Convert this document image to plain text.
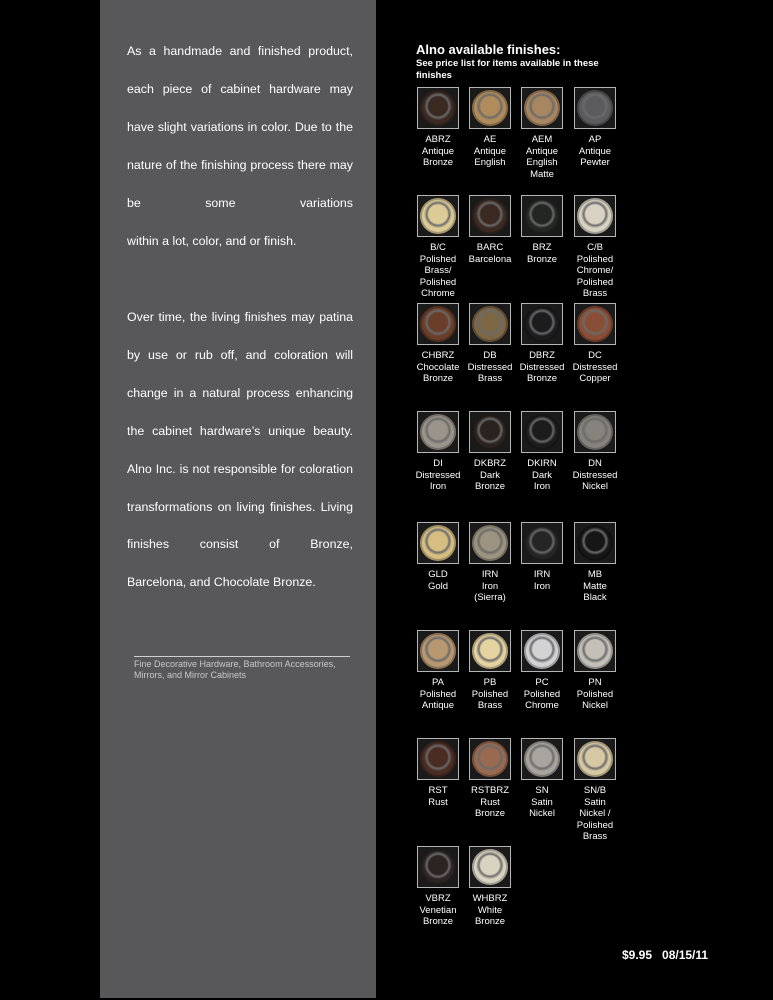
As a handmade and finished product, each piece of cabinet hardware may have slight variations in color. Due to the nature of the finishing process there may be some variations
within a lot, color, and or finish.

Over time, the living finishes may patina by use or rub off, and coloration will change in a natural process enhancing the cabinet hardware’s unique beauty. Alno Inc. is not responsible for coloration transformations on living finishes. Living finishes consist of Bronze,
Barcelona, and Chocolate Bronze.

Fine Decorative Hardware, Bathroom Accessories, Mirrors, and Mirror Cabinets
Alno available finishes:
See price list for items available in these finishes
ABRZ
Antique
Bronze
AE
Antique
English
AEM
Antique
English
Matte
AP
Antique
Pewter
B/C
Polished
Brass/
Polished
Chrome
BARC
Barcelona
BRZ
Bronze
C/B
Polished
Chrome/
Polished
Brass
CHBRZ
Chocolate
Bronze
DB
Distressed
Brass
DBRZ
Distressed
Bronze
DC
Distressed
Copper
DI
Distressed
Iron
DKBRZ
Dark
Bronze
DKIRN
Dark
Iron
DN
Distressed
Nickel
GLD
Gold
IRN
Iron
(Sierra)
IRN
Iron
MB
Matte
Black
PA
Polished
Antique
PB
Polished
Brass
PC
Polished
Chrome
PN
Polished
Nickel
RST
Rust
RSTBRZ
Rust
Bronze
SN
Satin
Nickel
SN/B
Satin
Nickel /
Polished
Brass
VBRZ
Venetian
Bronze
WHBRZ
White
Bronze
$9.95   08/15/11
